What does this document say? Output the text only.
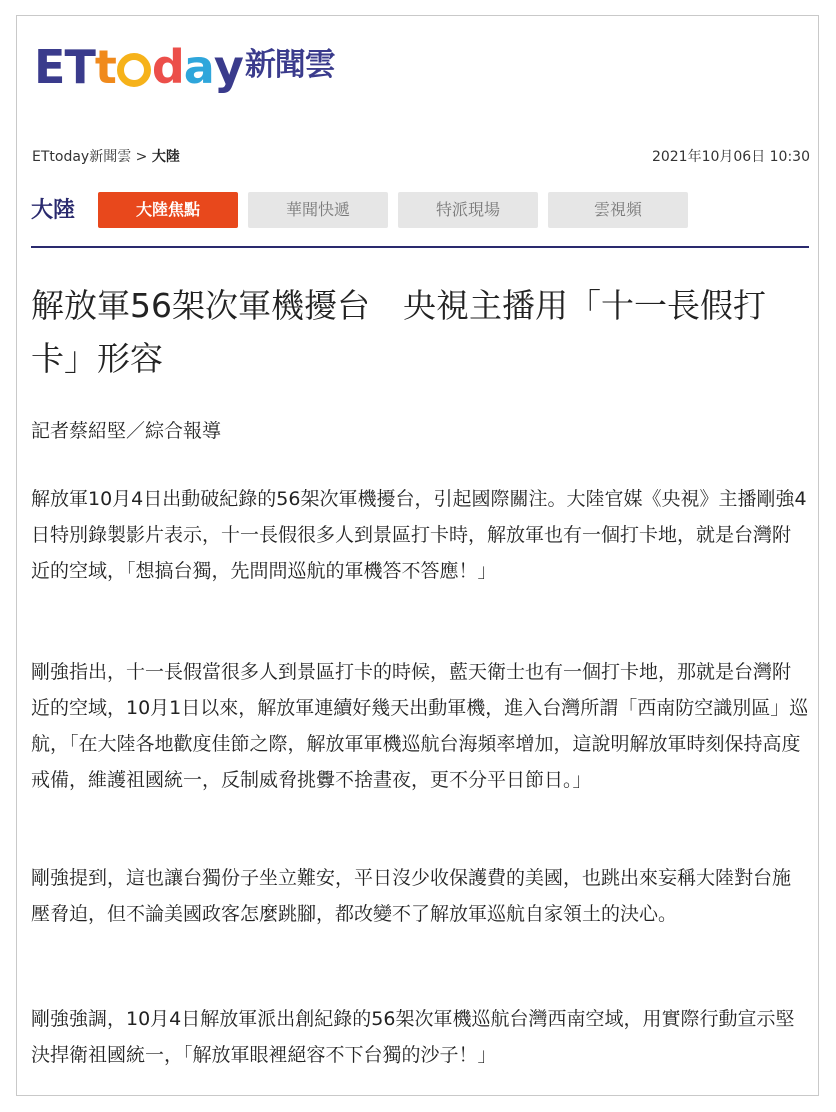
E T t d a y 新聞雲
ETtoday新聞雲 > 大陸	2021年10月06日 10:30
大陸	大陸焦點	華聞快遞	特派現場	雲視頻
解放軍56架次軍機擾台　央視主播用「十一長假打卡」形容
記者蔡紹堅／綜合報導

解放軍10月4日出動破紀錄的56架次軍機擾台，引起國際關注。大陸官媒《央視》主播剛強4日特別錄製影片表示，十一長假很多人到景區打卡時，解放軍也有一個打卡地，就是台灣附近的空域，「想搞台獨，先問問巡航的軍機答不答應！」

剛強指出，十一長假當很多人到景區打卡的時候，藍天衛士也有一個打卡地，那就是台灣附近的空域，10月1日以來，解放軍連續好幾天出動軍機，進入台灣所謂「西南防空識別區」巡航，「在大陸各地歡度佳節之際，解放軍軍機巡航台海頻率增加，這說明解放軍時刻保持高度戒備，維護祖國統一，反制威脅挑釁不捨晝夜，更不分平日節日。」

剛強提到，這也讓台獨份子坐立難安，平日沒少收保護費的美國，也跳出來妄稱大陸對台施壓脅迫，但不論美國政客怎麼跳腳，都改變不了解放軍巡航自家領土的決心。

剛強強調，10月4日解放軍派出創紀錄的56架次軍機巡航台灣西南空域，用實際行動宣示堅決捍衛祖國統一，「解放軍眼裡絕容不下台獨的沙子！」
